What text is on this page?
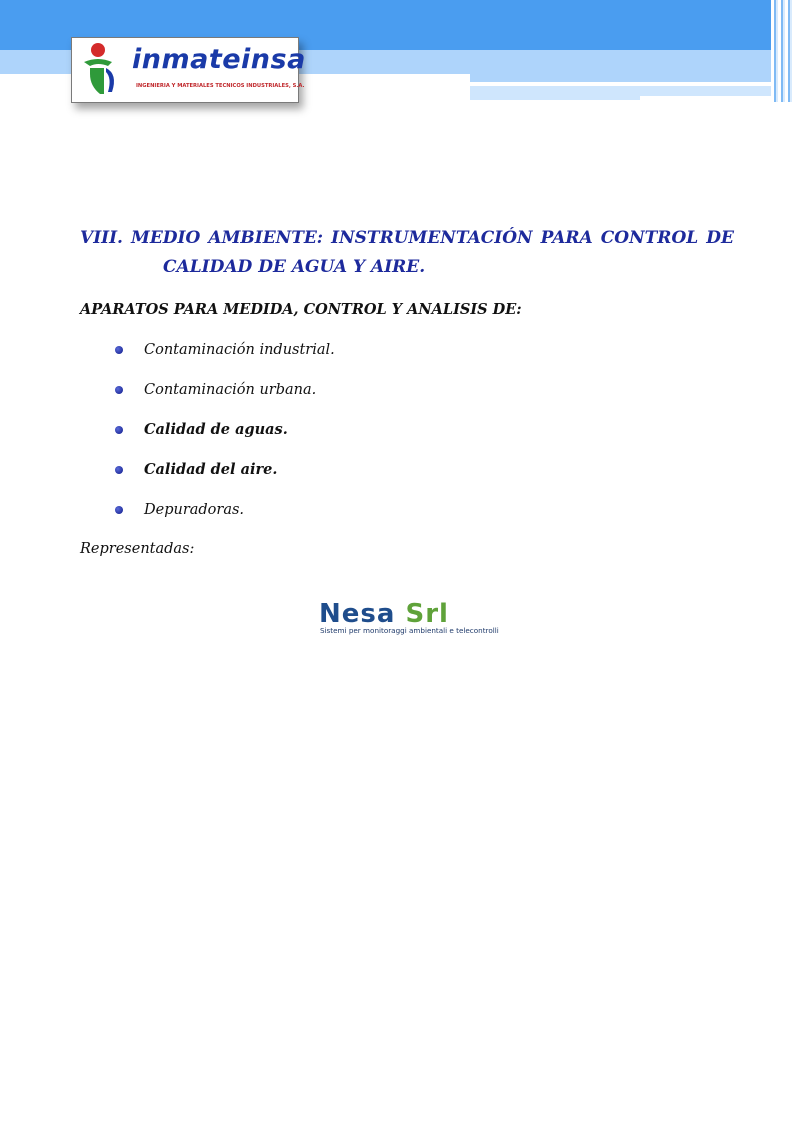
inmateinsa
INGENIERIA Y MATERIALES TECNICOS INDUSTRIALES, S.A.
VIII. MEDIO AMBIENTE: INSTRUMENTACIÓN PARA CONTROL DE
CALIDAD DE AGUA Y AIRE.
APARATOS PARA MEDIDA, CONTROL Y ANALISIS DE:
Contaminación industrial.
Contaminación urbana.
Calidad de aguas.
Calidad del aire.
Depuradoras.
Representadas:
Nesa Srl
Sistemi per monitoraggi ambientali e telecontrolli
